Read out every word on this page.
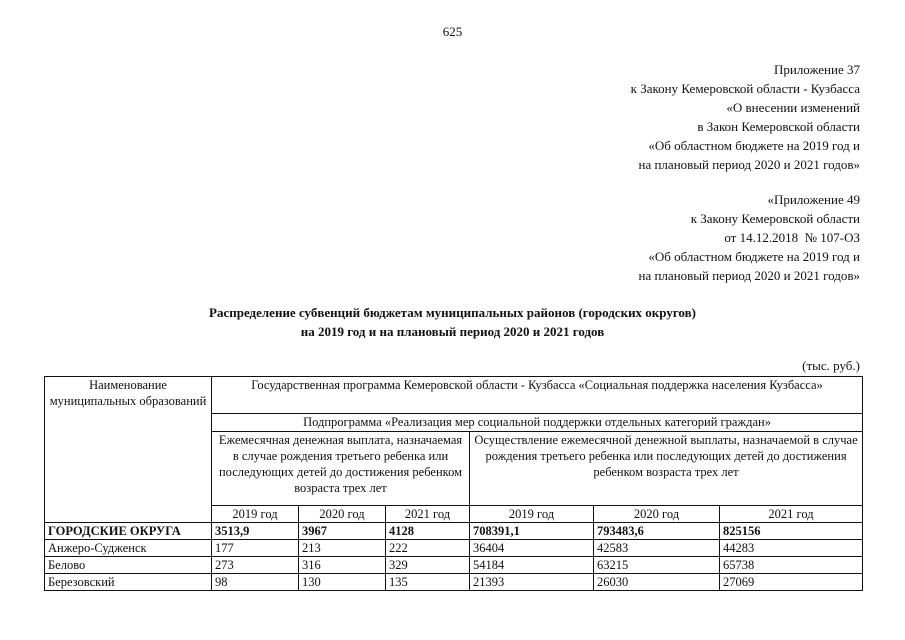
625
Приложение 37
к Закону Кемеровской области - Кузбасса
«О внесении изменений
в Закон Кемеровской области
«Об областном бюджете на 2019 год и
на плановый период 2020 и 2021 годов»
«Приложение 49
к Закону Кемеровской области
от 14.12.2018  № 107-ОЗ
«Об областном бюджете на 2019 год и
на плановый период 2020 и 2021 годов»
Распределение субвенций бюджетам муниципальных районов (городских округов)
на 2019 год и на плановый период 2020 и 2021 годов
(тыс. руб.)
Наименование муниципальных образований	Государственная программа Кемеровской области - Кузбасса «Социальная поддержка населения Кузбасса»					
	Подпрограмма «Реализация мер социальной поддержки отдельных категорий граждан»					
	Ежемесячная денежная выплата, назначаемая в случае рождения третьего ребенка или последующих детей до достижения ребенком возраста трех лет			Осуществление ежемесячной денежной выплаты, назначаемой в случае рождения третьего ребенка или последующих детей до достижения ребенком возраста трех лет		
	2019 год	2020 год	2021 год	2019 год	2020 год	2021 год
ГОРОДСКИЕ ОКРУГА	3513,9	3967	4128	708391,1	793483,6	825156
Анжеро-Судженск	177	213	222	36404	42583	44283
Белово	273	316	329	54184	63215	65738
Березовский	98	130	135	21393	26030	27069
